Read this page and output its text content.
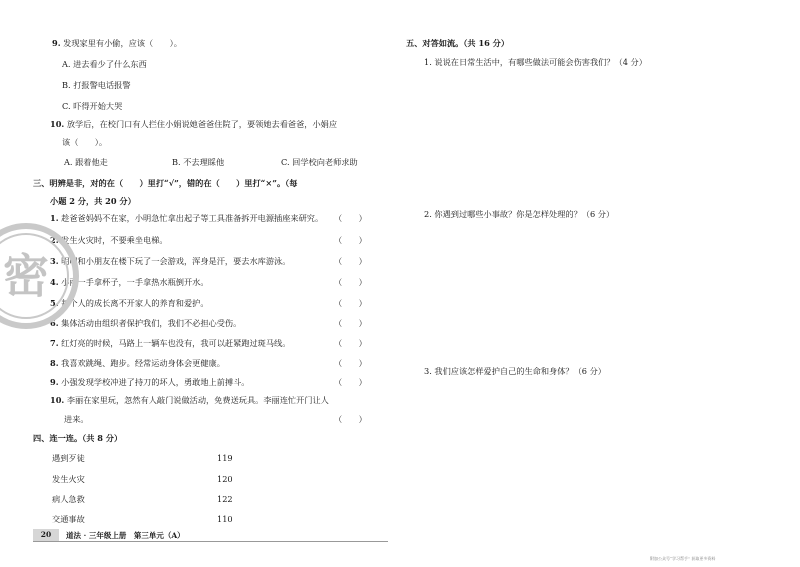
9. 发现家里有小偷，应该（　　）。
A. 进去看少了什么东西
B. 打报警电话报警
C. 吓得开始大哭
10. 放学后，在校门口有人拦住小娟说她爸爸住院了，要领她去看爸爸，小娟应
该（　　）。
A. 跟着他走	B. 不去理睬他	C. 回学校向老师求助
三、明辨是非，对的在（　　）里打“√”，错的在（　　）里打“×”。（每
小题 2 分，共 20 分）
1. 趁爸爸妈妈不在家，小明急忙拿出起子等工具准备拆开电源插座来研究。 （　　）
2. 发生火灾时，不要乘坐电梯。	（　　）
3. 明明和小朋友在楼下玩了一会游戏，浑身是汗，要去水库游泳。	（　　）
4. 小丽一手拿杯子，一手拿热水瓶倒开水。	（　　）
5. 每个人的成长离不开家人的养育和爱护。	（　　）
6. 集体活动由组织者保护我们，我们不必担心受伤。	（　　）
7. 红灯亮的时候，马路上一辆车也没有，我可以赶紧跑过斑马线。	（　　）
8. 我喜欢跳绳、跑步。经常运动身体会更健康。	（　　）
9. 小强发现学校冲进了持刀的坏人，勇敢地上前搏斗。	（　　）
10. 李丽在家里玩，忽然有人敲门说做活动，免费送玩具。李丽连忙开门让人
进来。	（　　）
四、连一连。（共 8 分）
遇到歹徒	119
发生火灾	120
病人急救	122
交通事故	110
密
20	道法 · 三年级上册　第三单元（A）
五、对答如流。（共 16 分）
1. 说说在日常生活中，有哪些做法可能会伤害我们？（4 分）
2. 你遇到过哪些小事故？你是怎样处理的？（6 分）
3. 我们应该怎样爱护自己的生命和身体？（6 分）
附加公众号“学习帮手” 获取更多资料
